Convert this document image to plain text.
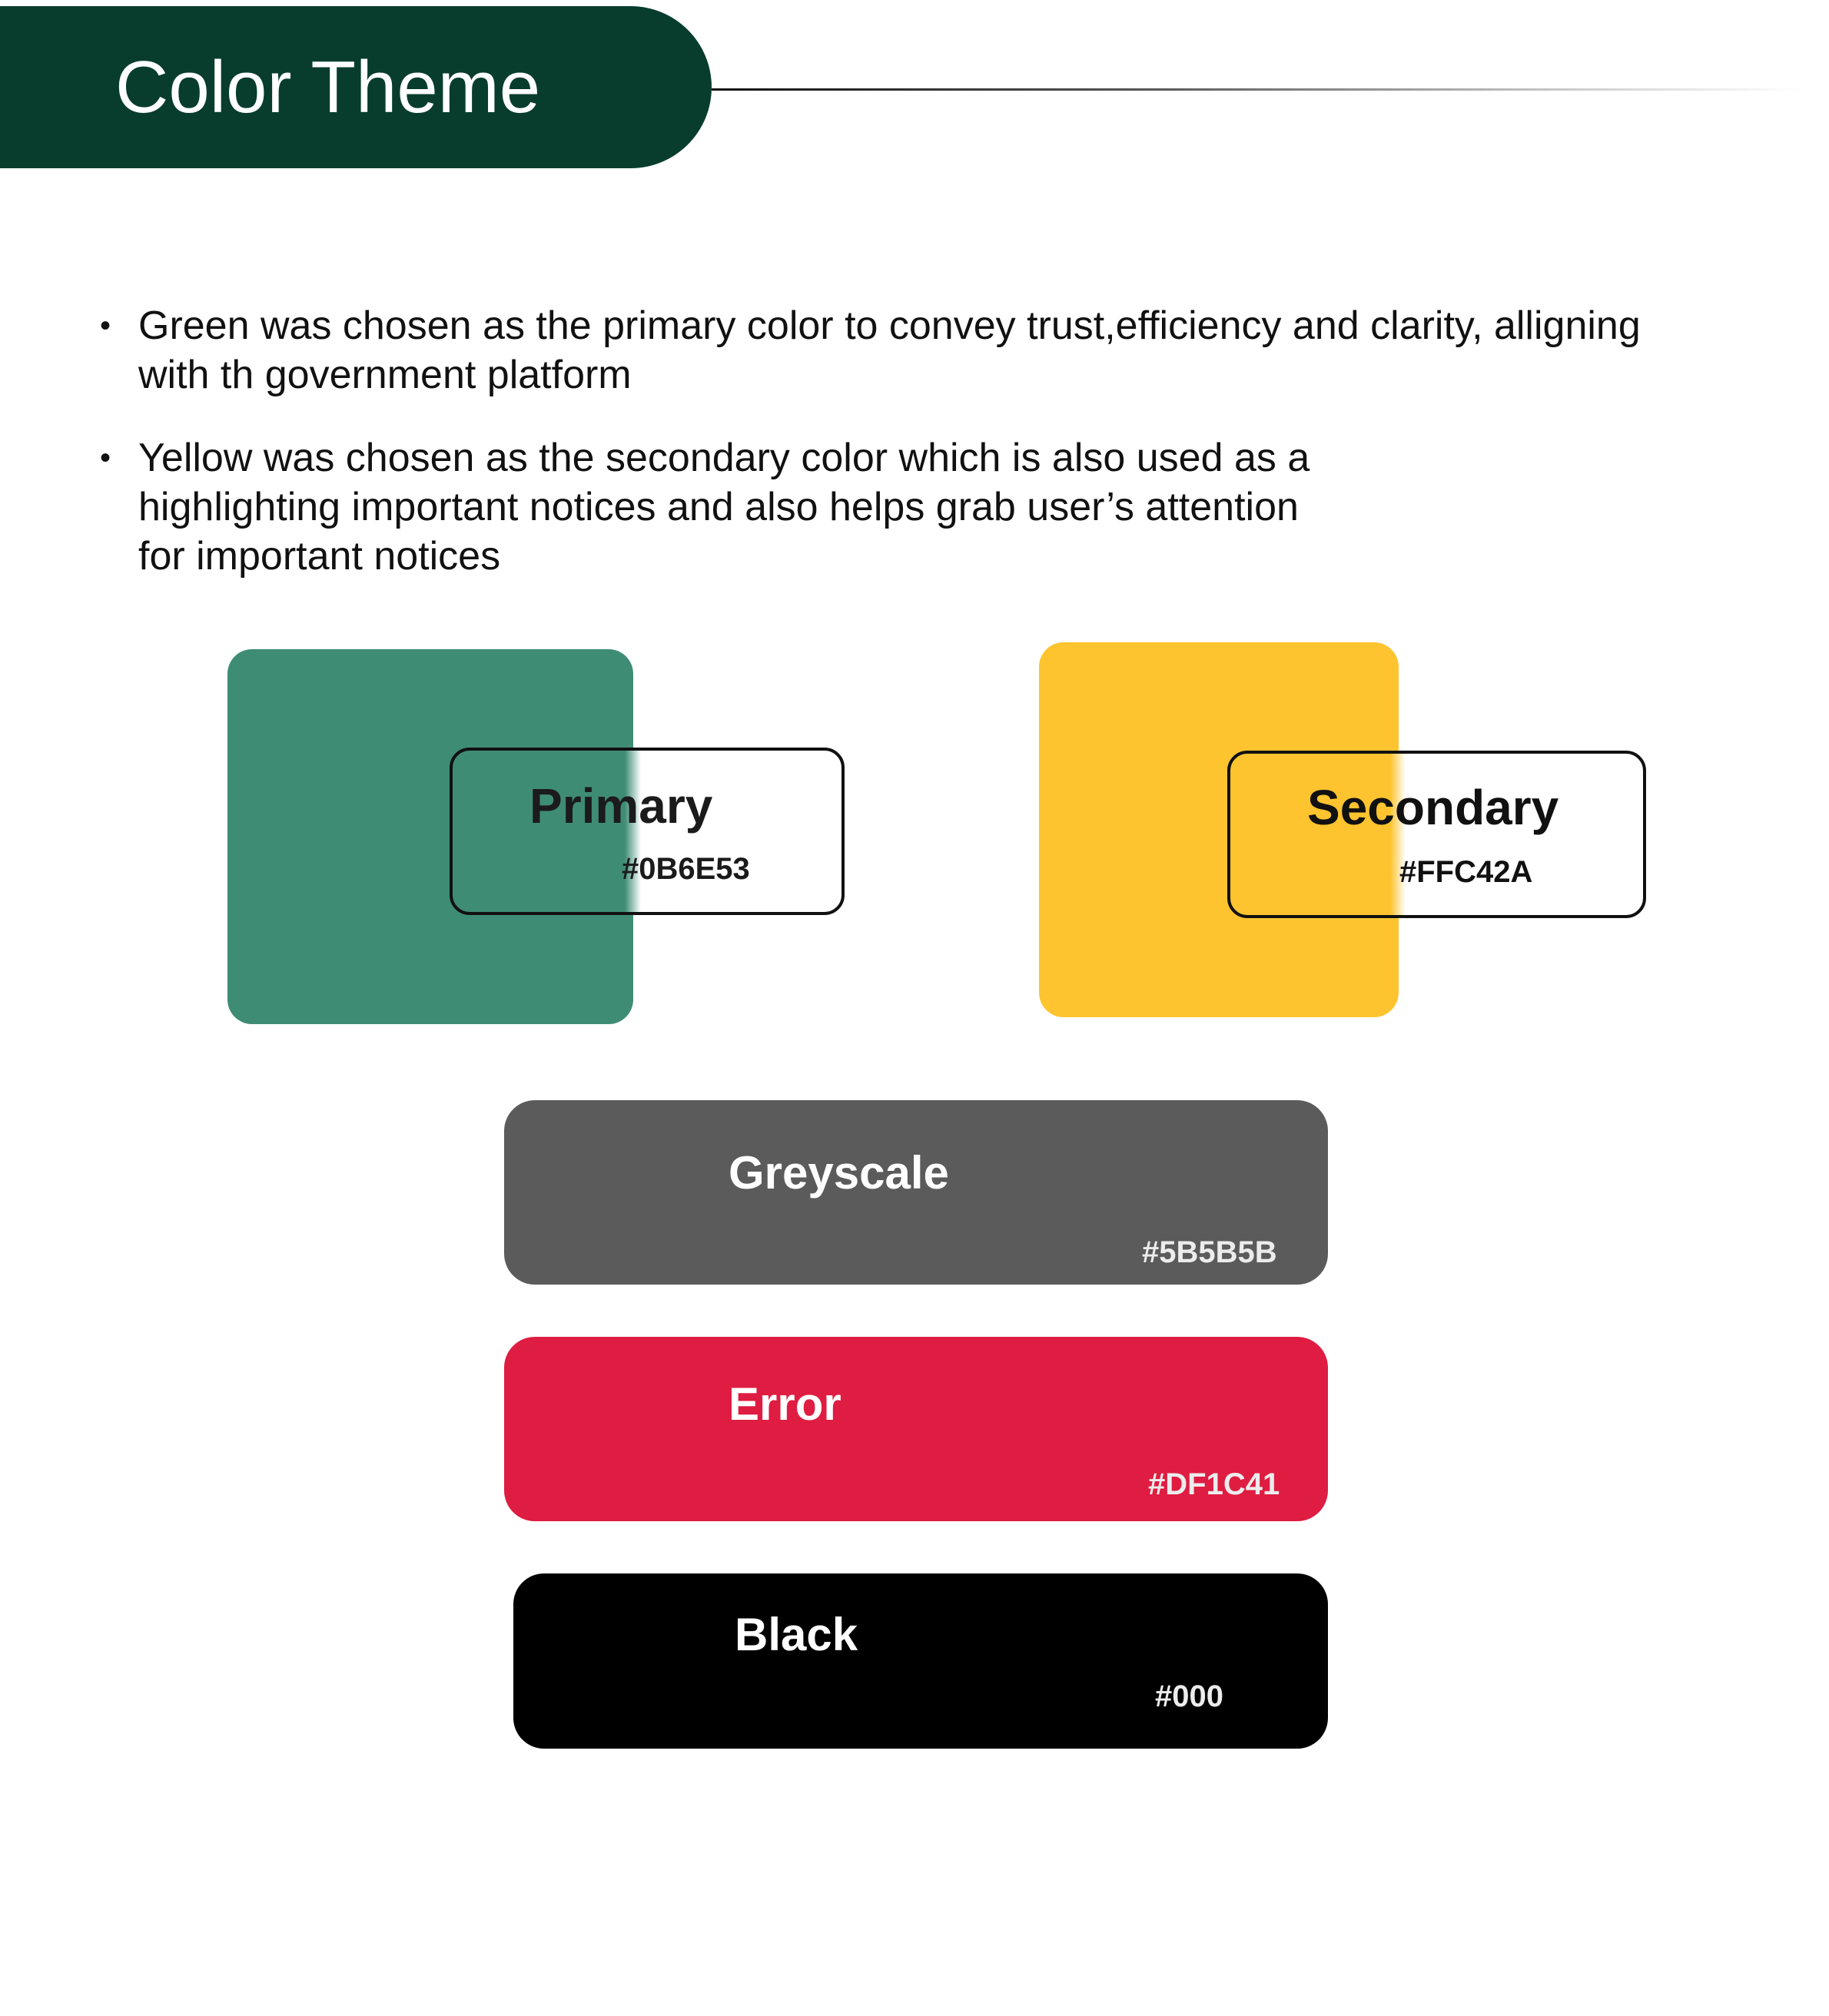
Color Theme
• Green was chosen as the primary color to convey trust,efficiency and clarity, alligning
with th government platform
• Yellow was chosen as the secondary color which is also used as a
highlighting important notices and also helps grab user’s attention
for important notices
Primary
#0B6E53
Secondary
#FFC42A
Greyscale
#5B5B5B
Error
#DF1C41
Black
#000
